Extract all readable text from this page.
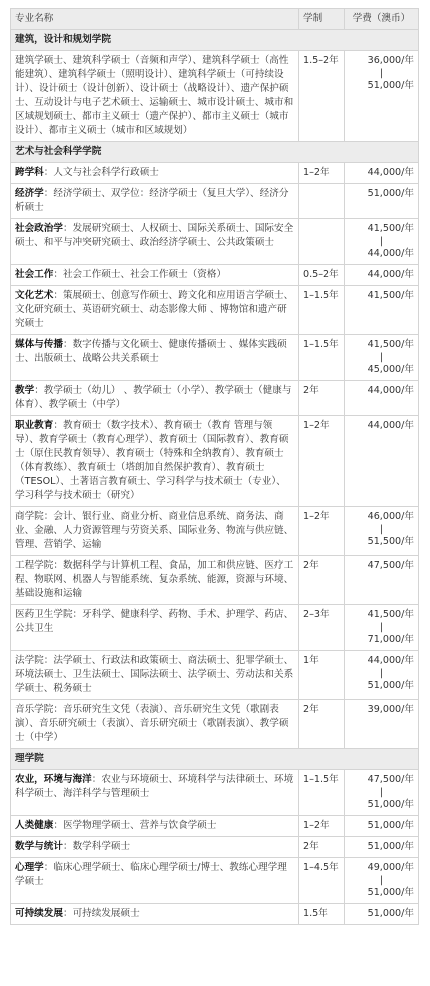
专业名称	学制	学费（澳币）
建筑，设计和规划学院		
建筑学硕士、建筑科学硕士（音频和声学）、建筑科学硕士（高性能建筑）、建筑科学硕士（照明设计）、建筑科学硕士（可持续设计）、设计硕士（设计创新）、设计硕士（战略设计）、遗产保护硕士、互动设计与电子艺术硕士、运输硕士、城市设计硕士、城市和区域规划硕士、都市主义硕士（遗产保护）、都市主义硕士（城市设计）、都市主义硕士（城市和区域规划）	1.5–2年	36,000/年
|
51,000/年

艺术与社会科学学院		
跨学科：人文与社会科学行政硕士	1–2年	44,000/年

经济学：经济学硕士、双学位：经济学硕士（复旦大学）、经济分析硕士		51,000/年

社会政治学：发展研究硕士、人权硕士、国际关系硕士、国际安全硕士、和平与冲突研究硕士、政治经济学硕士、公共政策硕士		41,500/年
|
44,000/年

社会工作：社会工作硕士、社会工作硕士（资格）	0.5–2年	44,000/年

文化艺术：策展硕士、创意写作硕士、跨文化和应用语言学硕士、文化研究硕士、英语研究硕士、动态影像大师 、博物馆和遗产研究硕士	1–1.5年	41,500/年

媒体与传播：数字传播与文化硕士、健康传播硕士 、媒体实践硕士、出版硕士、战略公共关系硕士	1–1.5年	41,500/年
|
45,000/年

教学：教学硕士（幼儿） 、教学硕士（小学）、教学硕士（健康与体育）、教学硕士（中学）	2年	44,000/年

职业教育：教育硕士（数字技术）、教育硕士（教育 管理与领导）、教育学硕士（教育心理学）、教育硕士（国际教育）、教育硕士（原住民教育领导）、教育硕士（特殊和全纳教育）、教育硕士（体育教练）、教育硕士（塔朗加自然保护教育）、教育硕士（TESOL）、土著语言教育硕士、学习科学与技术硕士（专业）、学习科学与技术硕士（研究）	1–2年	44,000/年

商学院：会计、银行业、商业分析、商业信息系统、商务法、商业、金融、人力资源管理与劳资关系、国际业务、物流与供应链、管理、营销学、运输	1–2年	46,000/年
|
51,500/年

工程学院：数据科学与计算机工程、食品，加工和供应链、医疗工程、物联网、机器人与智能系统、复杂系统、能源，资源与环境、基础设施和运输	2年	47,500/年

医药卫生学院：牙科学、健康科学、药物、手术、护理学、药店、公共卫生	2–3年	41,500/年
|
71,000/年

法学院：法学硕士、行政法和政策硕士、商法硕士、犯罪学硕士、环境法硕士、卫生法硕士、国际法硕士、法学硕士、劳动法和关系学硕士、税务硕士	1年	44,000/年
|
51,000/年

音乐学院：音乐研究生文凭（表演）、音乐研究生文凭（歌剧表演）、音乐研究硕士（表演）、音乐研究硕士（歌剧表演）、教学硕士（中学）	2年	39,000/年

理学院		
农业，环境与海洋：农业与环境硕士、环境科学与法律硕士、环境科学硕士、海洋科学与管理硕士	1–1.5年	47,500/年
|
51,000/年

人类健康：医学物理学硕士、营养与饮食学硕士	1–2年	51,000/年

数学与统计：数学科学硕士	2年	51,000/年

心理学：临床心理学硕士、临床心理学硕士/博士、教练心理学理学硕士	1–4.5年	49,000/年
|
51,000/年

可持续发展：可持续发展硕士	1.5年	51,000/年
